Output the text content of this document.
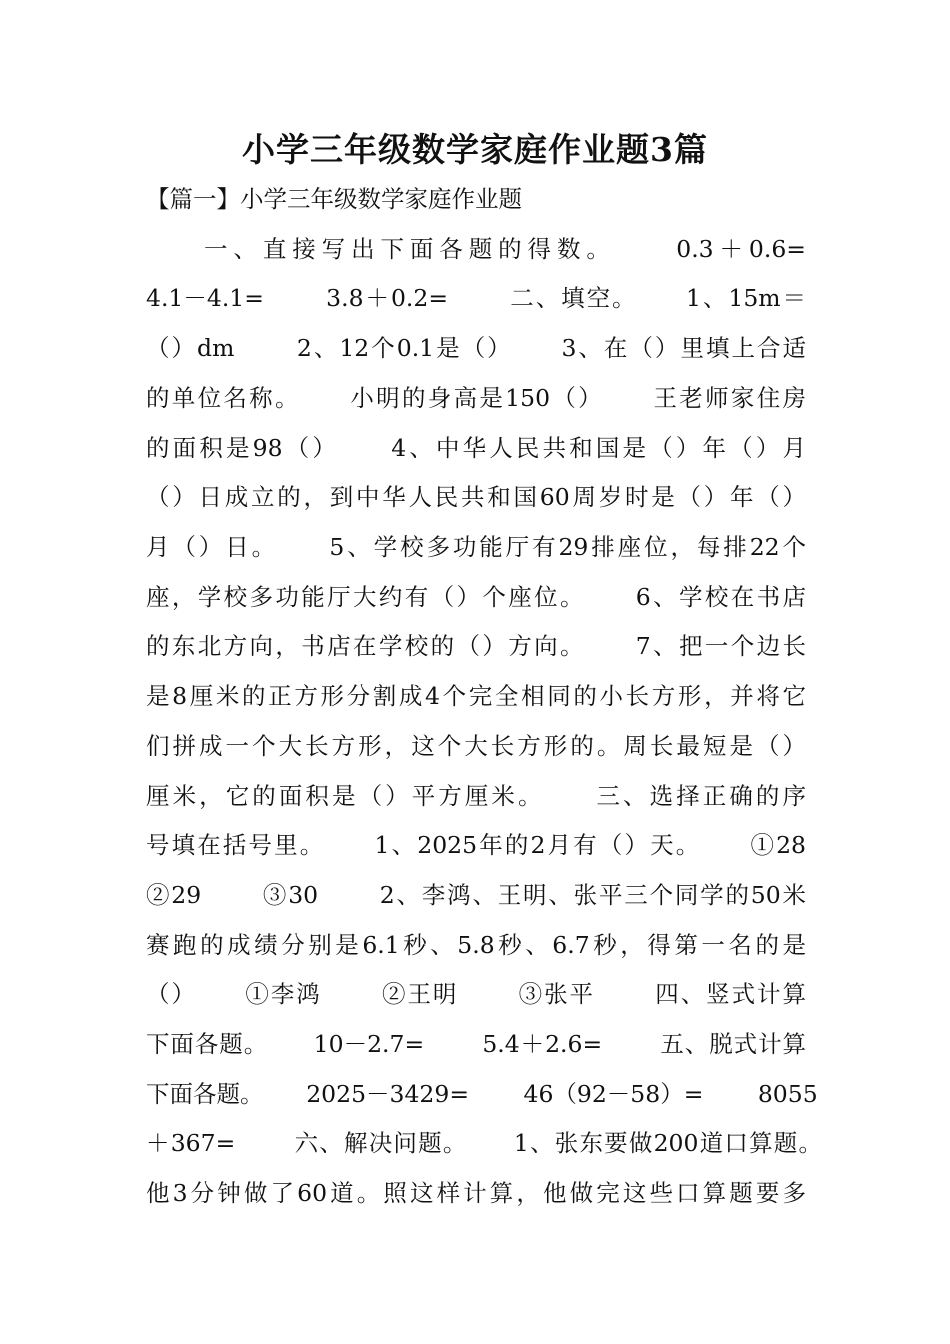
小学三年级数学家庭作业题3篇

【篇一】小学三年级数学家庭作业题

一、直接写出下面各题的得数。　　 0.3＋0.6=

4.1－4.1=　　 3.8＋0.2=　　 二、填空。　　 1、15m＝

（）dm　　 2、12个0.1是（）　　 3、在（）里填上合适

的单位名称。　　 小明的身高是150（）　　 王老师家住房

的面积是98（）　　 4、中华人民共和国是（）年（）月

（）日成立的，到中华人民共和国60周岁时是（）年（）

月（）日。　　 5、学校多功能厅有29排座位，每排22个

座，学校多功能厅大约有（）个座位。　　 6、学校在书店

的东北方向，书店在学校的（）方向。　　 7、把一个边长

是8厘米的正方形分割成4个完全相同的小长方形，并将它

们拼成一个大长方形，这个大长方形的。周长最短是（）

厘米，它的面积是（）平方厘米。　　 三、选择正确的序

号填在括号里。　　 1、2025年的2月有（）天。　　 ①28

②29　　 ③30　　 2、李鸿、王明、张平三个同学的50米

赛跑的成绩分别是6.1秒、5.8秒、6.7秒，得第一名的是

（）　　 ①李鸿　　 ②王明　　 ③张平　　 四、竖式计算

下面各题。　　 10－2.7=　　 5.4＋2.6=　　 五、脱式计算

下面各题。　　 2025－3429=　　 46（92－58）=　　 8055

＋367=　　 六、解决问题。　　 1、张东要做200道口算题。

他3分钟做了60道。照这样计算，他做完这些口算题要多
